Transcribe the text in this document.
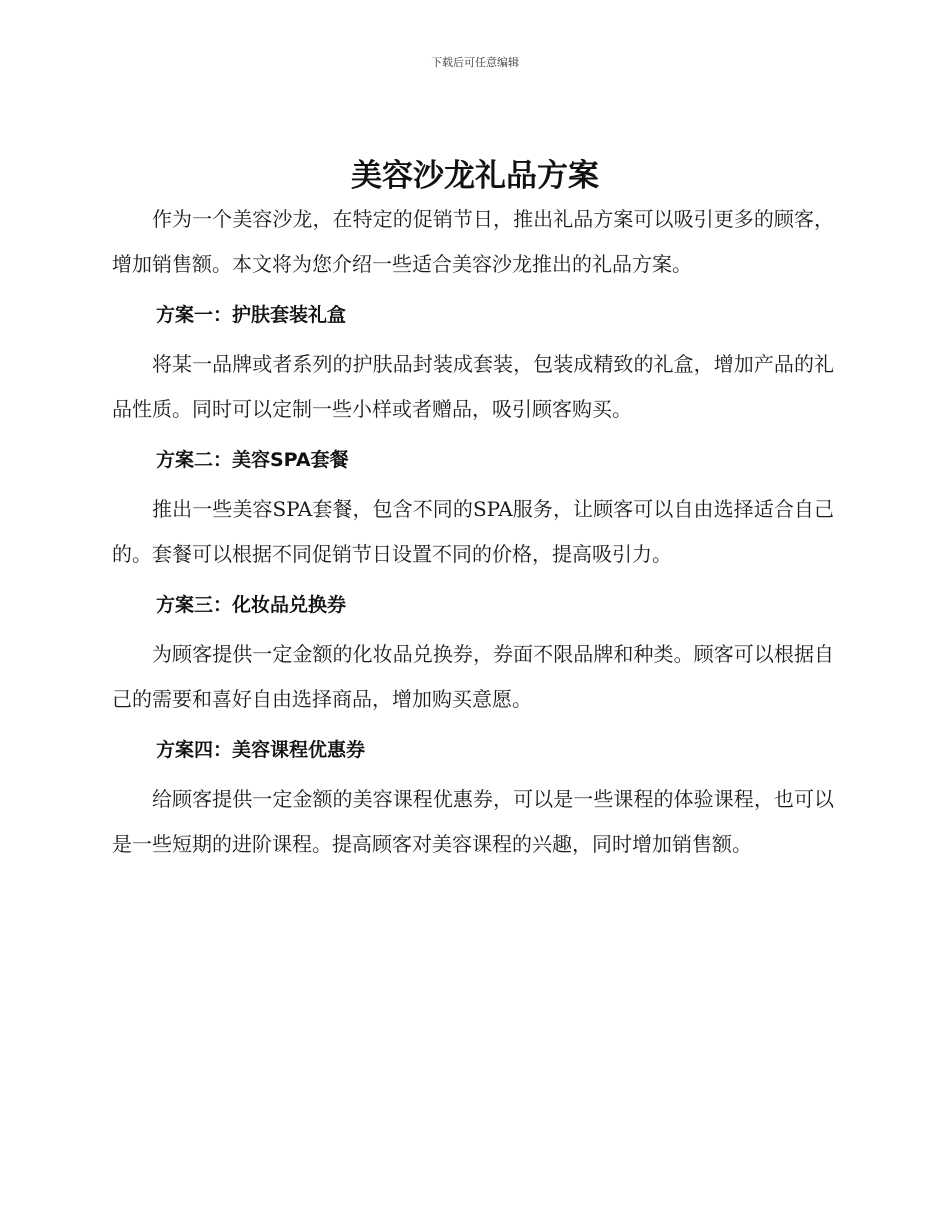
下载后可任意编辑
美容沙龙礼品方案

作为一个美容沙龙，在特定的促销节日，推出礼品方案可以吸引更多的顾客，增加销售额。本文将为您介绍一些适合美容沙龙推出的礼品方案。

方案一：护肤套装礼盒

将某一品牌或者系列的护肤品封装成套装，包装成精致的礼盒，增加产品的礼品性质。同时可以定制一些小样或者赠品，吸引顾客购买。

方案二：美容SPA套餐

推出一些美容SPA套餐，包含不同的SPA服务，让顾客可以自由选择适合自己的。套餐可以根据不同促销节日设置不同的价格，提高吸引力。

方案三：化妆品兑换券

为顾客提供一定金额的化妆品兑换券，券面不限品牌和种类。顾客可以根据自己的需要和喜好自由选择商品，增加购买意愿。

方案四：美容课程优惠券

给顾客提供一定金额的美容课程优惠券，可以是一些课程的体验课程，也可以是一些短期的进阶课程。提高顾客对美容课程的兴趣，同时增加销售额。
